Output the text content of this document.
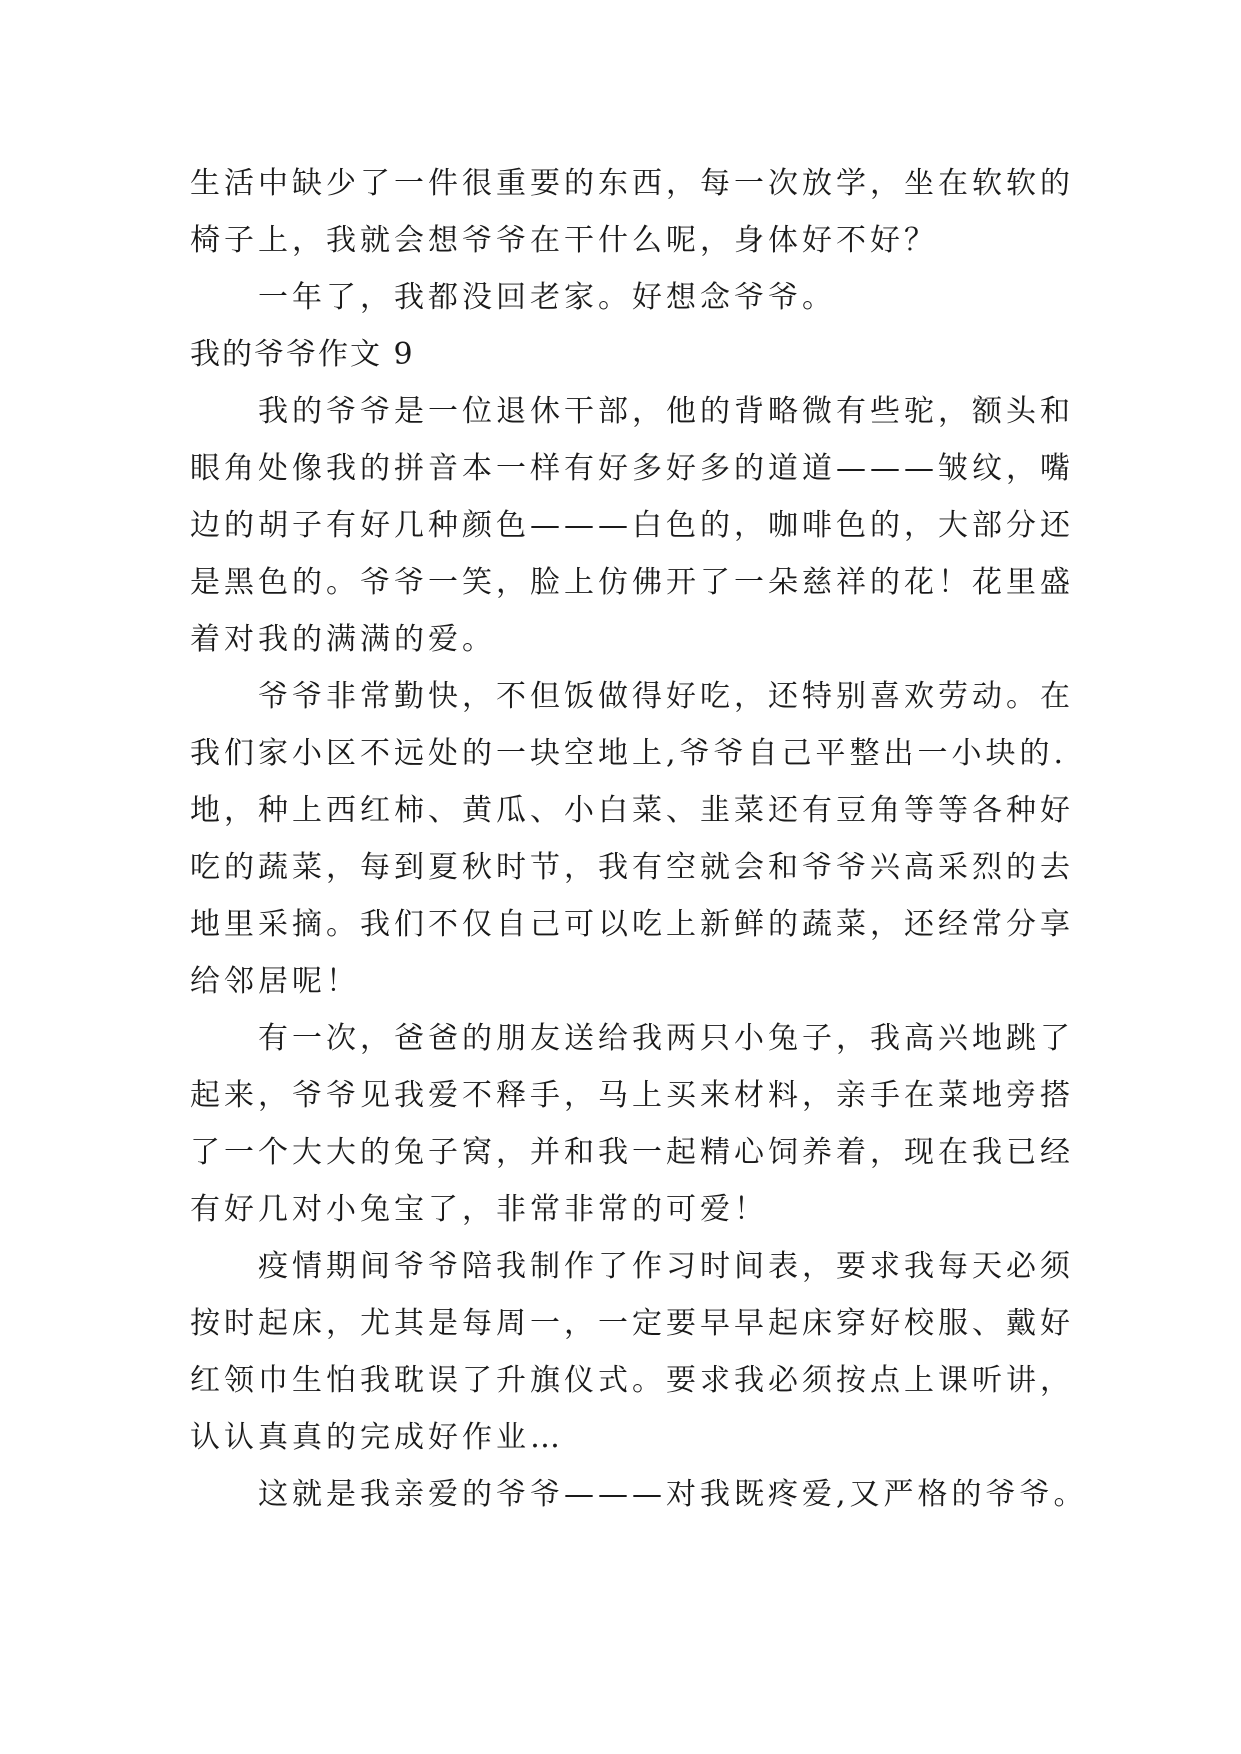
生活中缺少了一件很重要的东西，每一次放学，坐在软软的
椅子上，我就会想爷爷在干什么呢，身体好不好？
一年了，我都没回老家。好想念爷爷。
我的爷爷作文 9
我的爷爷是一位退休干部，他的背略微有些驼，额头和
眼角处像我的拼音本一样有好多好多的道道———皱纹，嘴
边的胡子有好几种颜色———白色的，咖啡色的，大部分还
是黑色的。爷爷一笑，脸上仿佛开了一朵慈祥的花！花里盛
着对我的满满的爱。
爷爷非常勤快，不但饭做得好吃，还特别喜欢劳动。在
我们家小区不远处的一块空地上,爷爷自己平整出一小块的.
地，种上西红柿、黄瓜、小白菜、韭菜还有豆角等等各种好
吃的蔬菜，每到夏秋时节，我有空就会和爷爷兴高采烈的去
地里采摘。我们不仅自己可以吃上新鲜的蔬菜，还经常分享
给邻居呢！
有一次，爸爸的朋友送给我两只小兔子，我高兴地跳了
起来，爷爷见我爱不释手，马上买来材料，亲手在菜地旁搭
了一个大大的兔子窝，并和我一起精心饲养着，现在我已经
有好几对小兔宝了，非常非常的可爱！
疫情期间爷爷陪我制作了作习时间表，要求我每天必须
按时起床，尤其是每周一，一定要早早起床穿好校服、戴好
红领巾生怕我耽误了升旗仪式。要求我必须按点上课听讲，
认认真真的完成好作业…
这就是我亲爱的爷爷———对我既疼爱,又严格的爷爷。
